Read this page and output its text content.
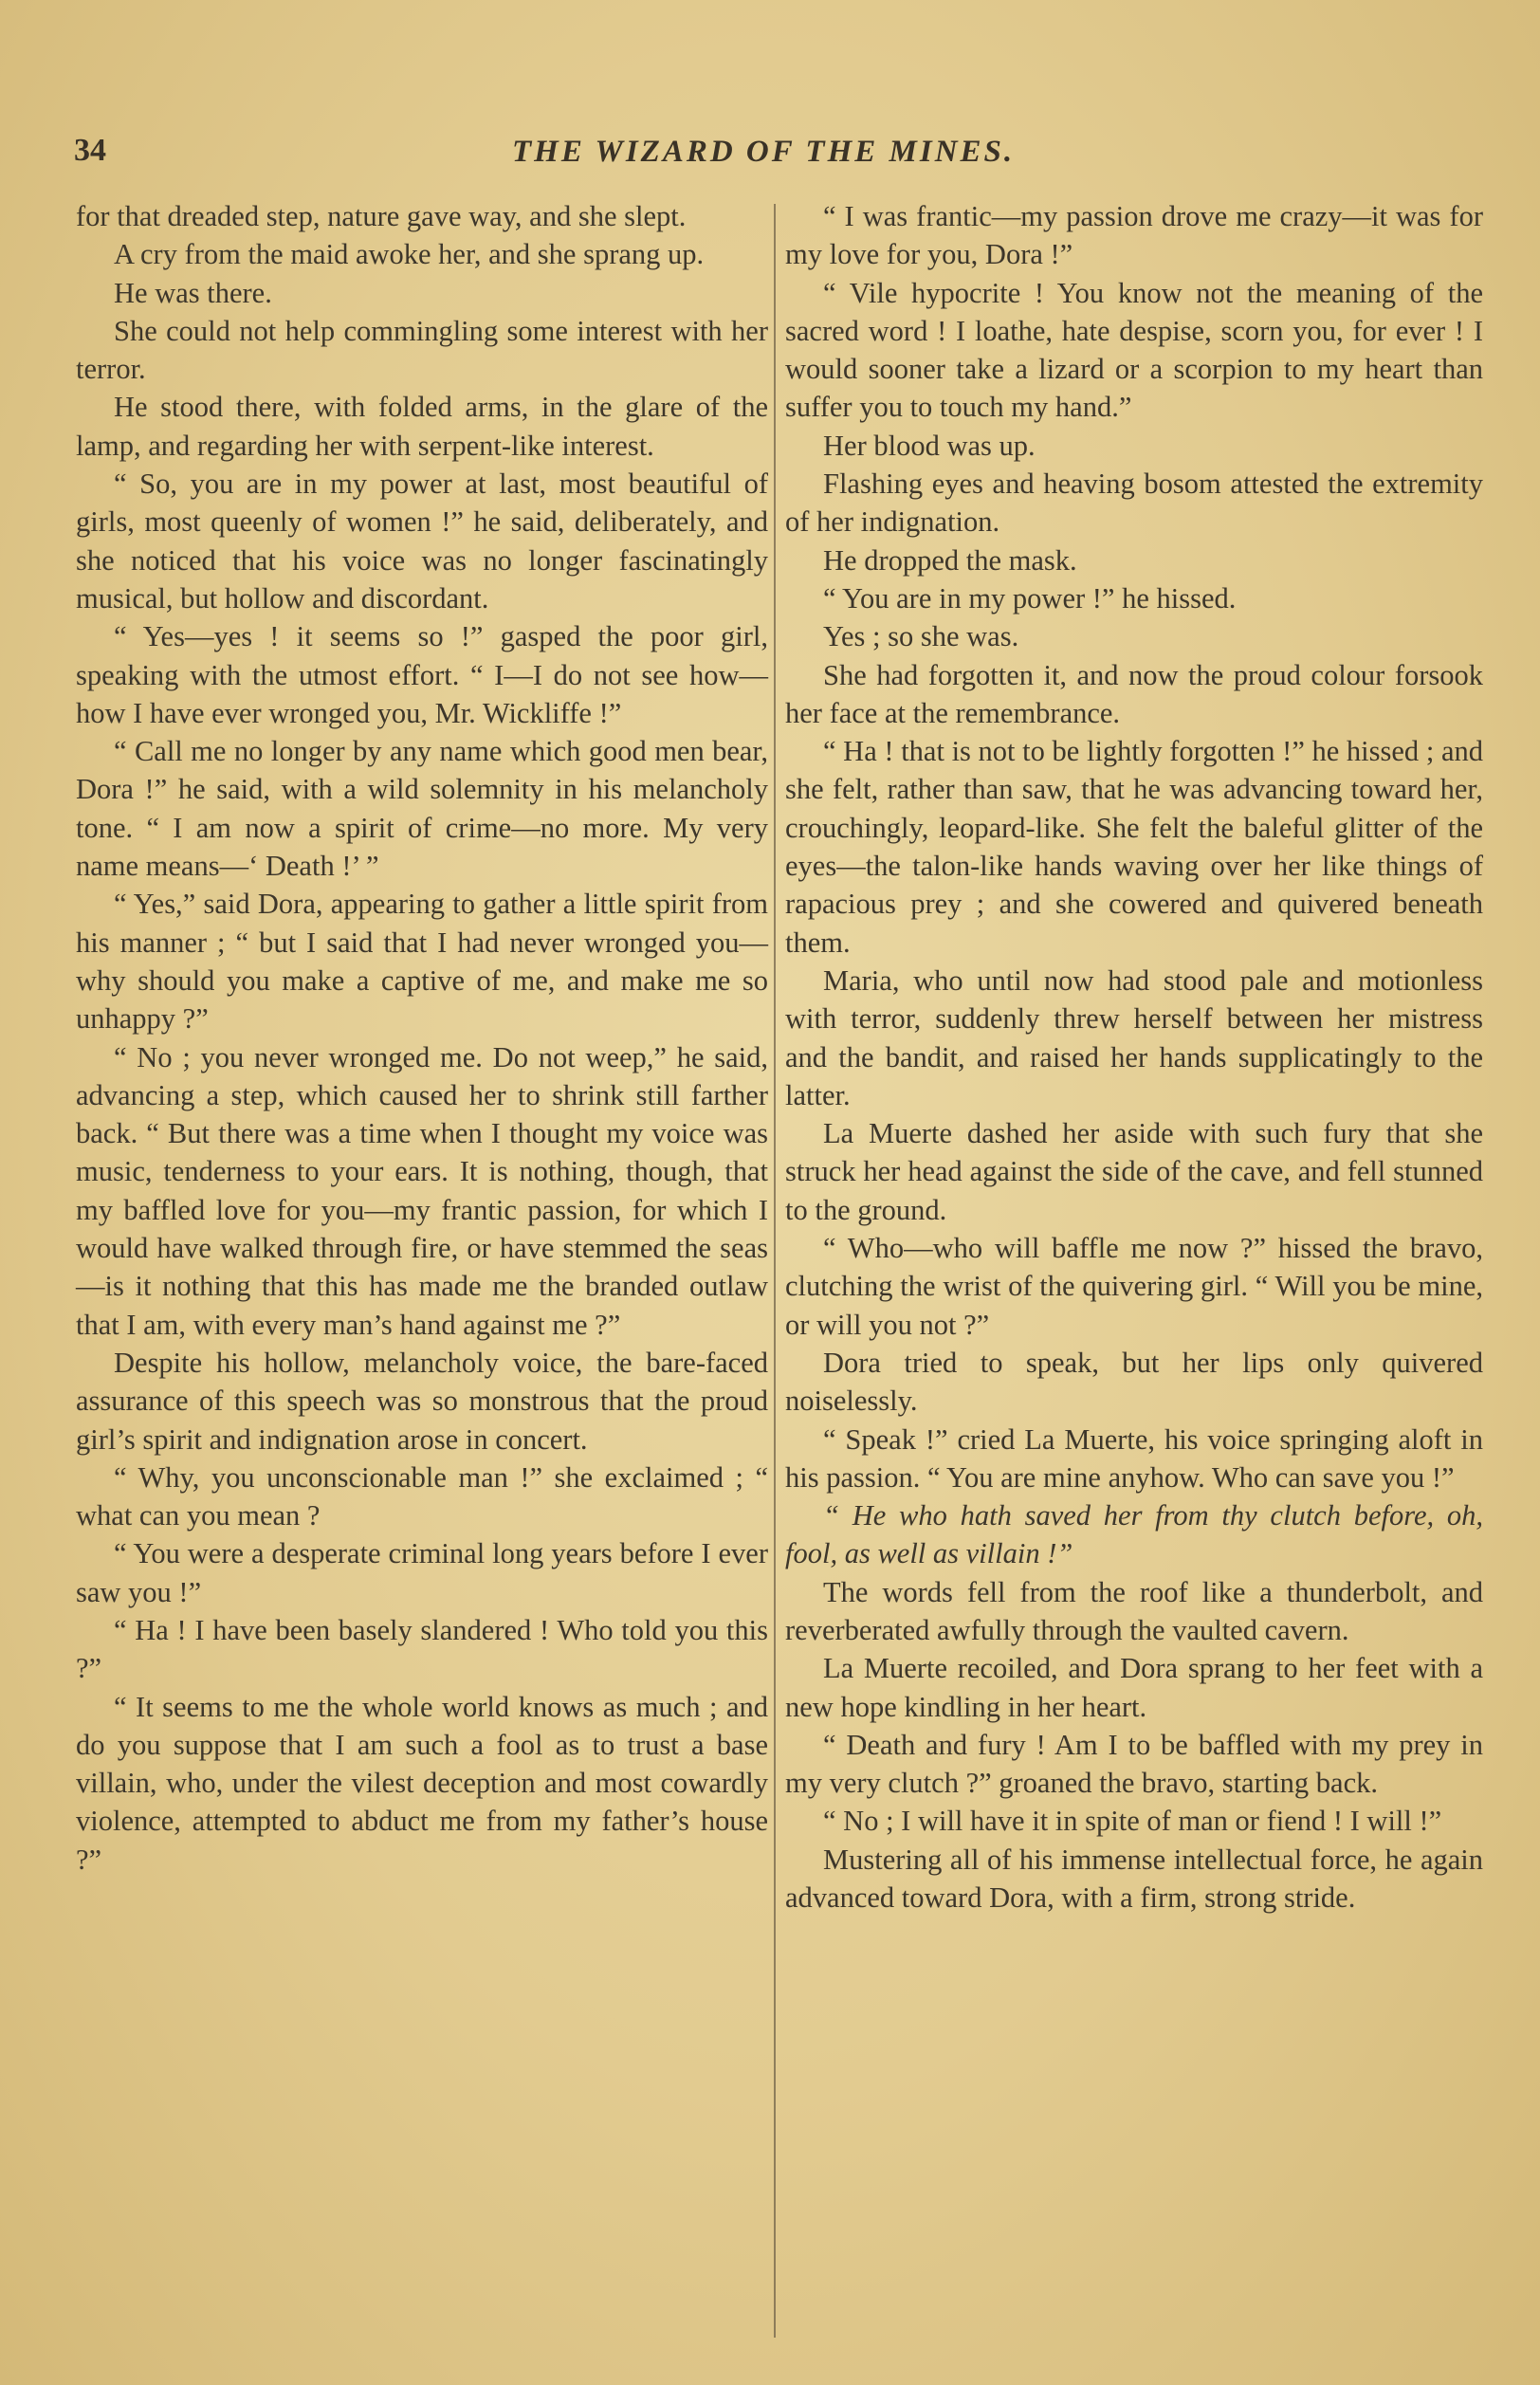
34	THE WIZARD OF THE MINES.

for that dreaded step, nature gave way, and she slept.

A cry from the maid awoke her, and she sprang up.

He was there.

She could not help commingling some interest with her terror.

He stood there, with folded arms, in the glare of the lamp, and regarding her with serpent-like interest.

“ So, you are in my power at last, most beautiful of girls, most queenly of women !” he said, deliberately, and she noticed that his voice was no longer fascinatingly musical, but hollow and discordant.

“ Yes—yes ! it seems so !” gasped the poor girl, speaking with the utmost effort. “ I—I do not see how—how I have ever wronged you, Mr. Wickliffe !”

“ Call me no longer by any name which good men bear, Dora !” he said, with a wild solemnity in his melancholy tone. “ I am now a spirit of crime—no more. My very name means—‘ Death !’ ”

“ Yes,” said Dora, appearing to gather a little spirit from his manner ; “ but I said that I had never wronged you—why should you make a captive of me, and make me so unhappy ?”

“ No ; you never wronged me. Do not weep,” he said, advancing a step, which caused her to shrink still farther back. “ But there was a time when I thought my voice was music, tenderness to your ears. It is nothing, though, that my baffled love for you—my frantic passion, for which I would have walked through fire, or have stemmed the seas—is it nothing that this has made me the branded outlaw that I am, with every man’s hand against me ?”

Despite his hollow, melancholy voice, the bare-faced assurance of this speech was so monstrous that the proud girl’s spirit and indignation arose in concert.

“ Why, you unconscionable man !” she exclaimed ; “ what can you mean ?

“ You were a desperate criminal long years before I ever saw you !”

“ Ha ! I have been basely slandered ! Who told you this ?”

“ It seems to me the whole world knows as much ; and do you suppose that I am such a fool as to trust a base villain, who, under the vilest deception and most cowardly violence, attempted to abduct me from my father’s house ?”

“ I was frantic—my passion drove me crazy—it was for my love for you, Dora !”

“ Vile hypocrite ! You know not the meaning of the sacred word ! I loathe, hate despise, scorn you, for ever ! I would sooner take a lizard or a scorpion to my heart than suffer you to touch my hand.”

Her blood was up.

Flashing eyes and heaving bosom attested the extremity of her indignation.

He dropped the mask.

“ You are in my power !” he hissed.

Yes ; so she was.

She had forgotten it, and now the proud colour forsook her face at the remembrance.

“ Ha ! that is not to be lightly forgotten !” he hissed ; and she felt, rather than saw, that he was advancing toward her, crouchingly, leopard-like. She felt the baleful glitter of the eyes—the talon-like hands waving over her like things of rapacious prey ; and she cowered and quivered beneath them.

Maria, who until now had stood pale and motionless with terror, suddenly threw herself between her mistress and the bandit, and raised her hands supplicatingly to the latter.

La Muerte dashed her aside with such fury that she struck her head against the side of the cave, and fell stunned to the ground.

“ Who—who will baffle me now ?” hissed the bravo, clutching the wrist of the quivering girl. “ Will you be mine, or will you not ?”

Dora tried to speak, but her lips only quivered noiselessly.

“ Speak !” cried La Muerte, his voice springing aloft in his passion. “ You are mine anyhow. Who can save you !”

“ He who hath saved her from thy clutch before, oh, fool, as well as villain !”

The words fell from the roof like a thunderbolt, and reverberated awfully through the vaulted cavern.

La Muerte recoiled, and Dora sprang to her feet with a new hope kindling in her heart.

“ Death and fury ! Am I to be baffled with my prey in my very clutch ?” groaned the bravo, starting back.

“ No ; I will have it in spite of man or fiend ! I will !”

Mustering all of his immense intellectual force, he again advanced toward Dora, with a firm, strong stride.
